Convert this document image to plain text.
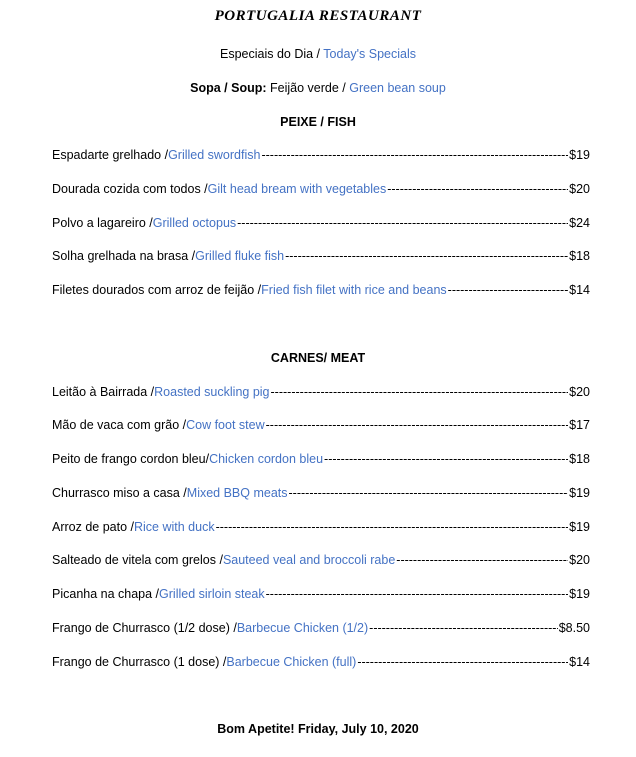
PORTUGALIA RESTAURANT
Especiais do Dia / Today's Specials
Sopa / Soup: Feijão verde / Green bean soup
PEIXE / FISH
Espadarte grelhado / Grilled swordfish -----	$19
Dourada cozida com todos / Gilt head bream with vegetables -----	$20
Polvo a lagareiro / Grilled octopus -----	$24
Solha grelhada na brasa / Grilled fluke fish -----	$18
Filetes dourados com arroz de feijão / Fried fish filet with rice and beans -----	$14
CARNES/ MEAT
Leitão à Bairrada / Roasted suckling pig -----	$20
Mão de vaca com grão / Cow foot stew -----	$17
Peito de frango cordon bleu/ Chicken cordon bleu -----	$18
Churrasco miso a casa / Mixed BBQ meats -----	$19
Arroz de pato / Rice with duck -----	$19
Salteado de vitela com grelos / Sauteed veal and broccoli rabe -----	$20
Picanha na chapa / Grilled sirloin steak -----	$19
Frango de Churrasco (1/2 dose) / Barbecue Chicken (1/2) -----	$8.50
Frango de Churrasco (1 dose) / Barbecue Chicken (full) -----	$14
Bom Apetite! Friday, July 10, 2020
